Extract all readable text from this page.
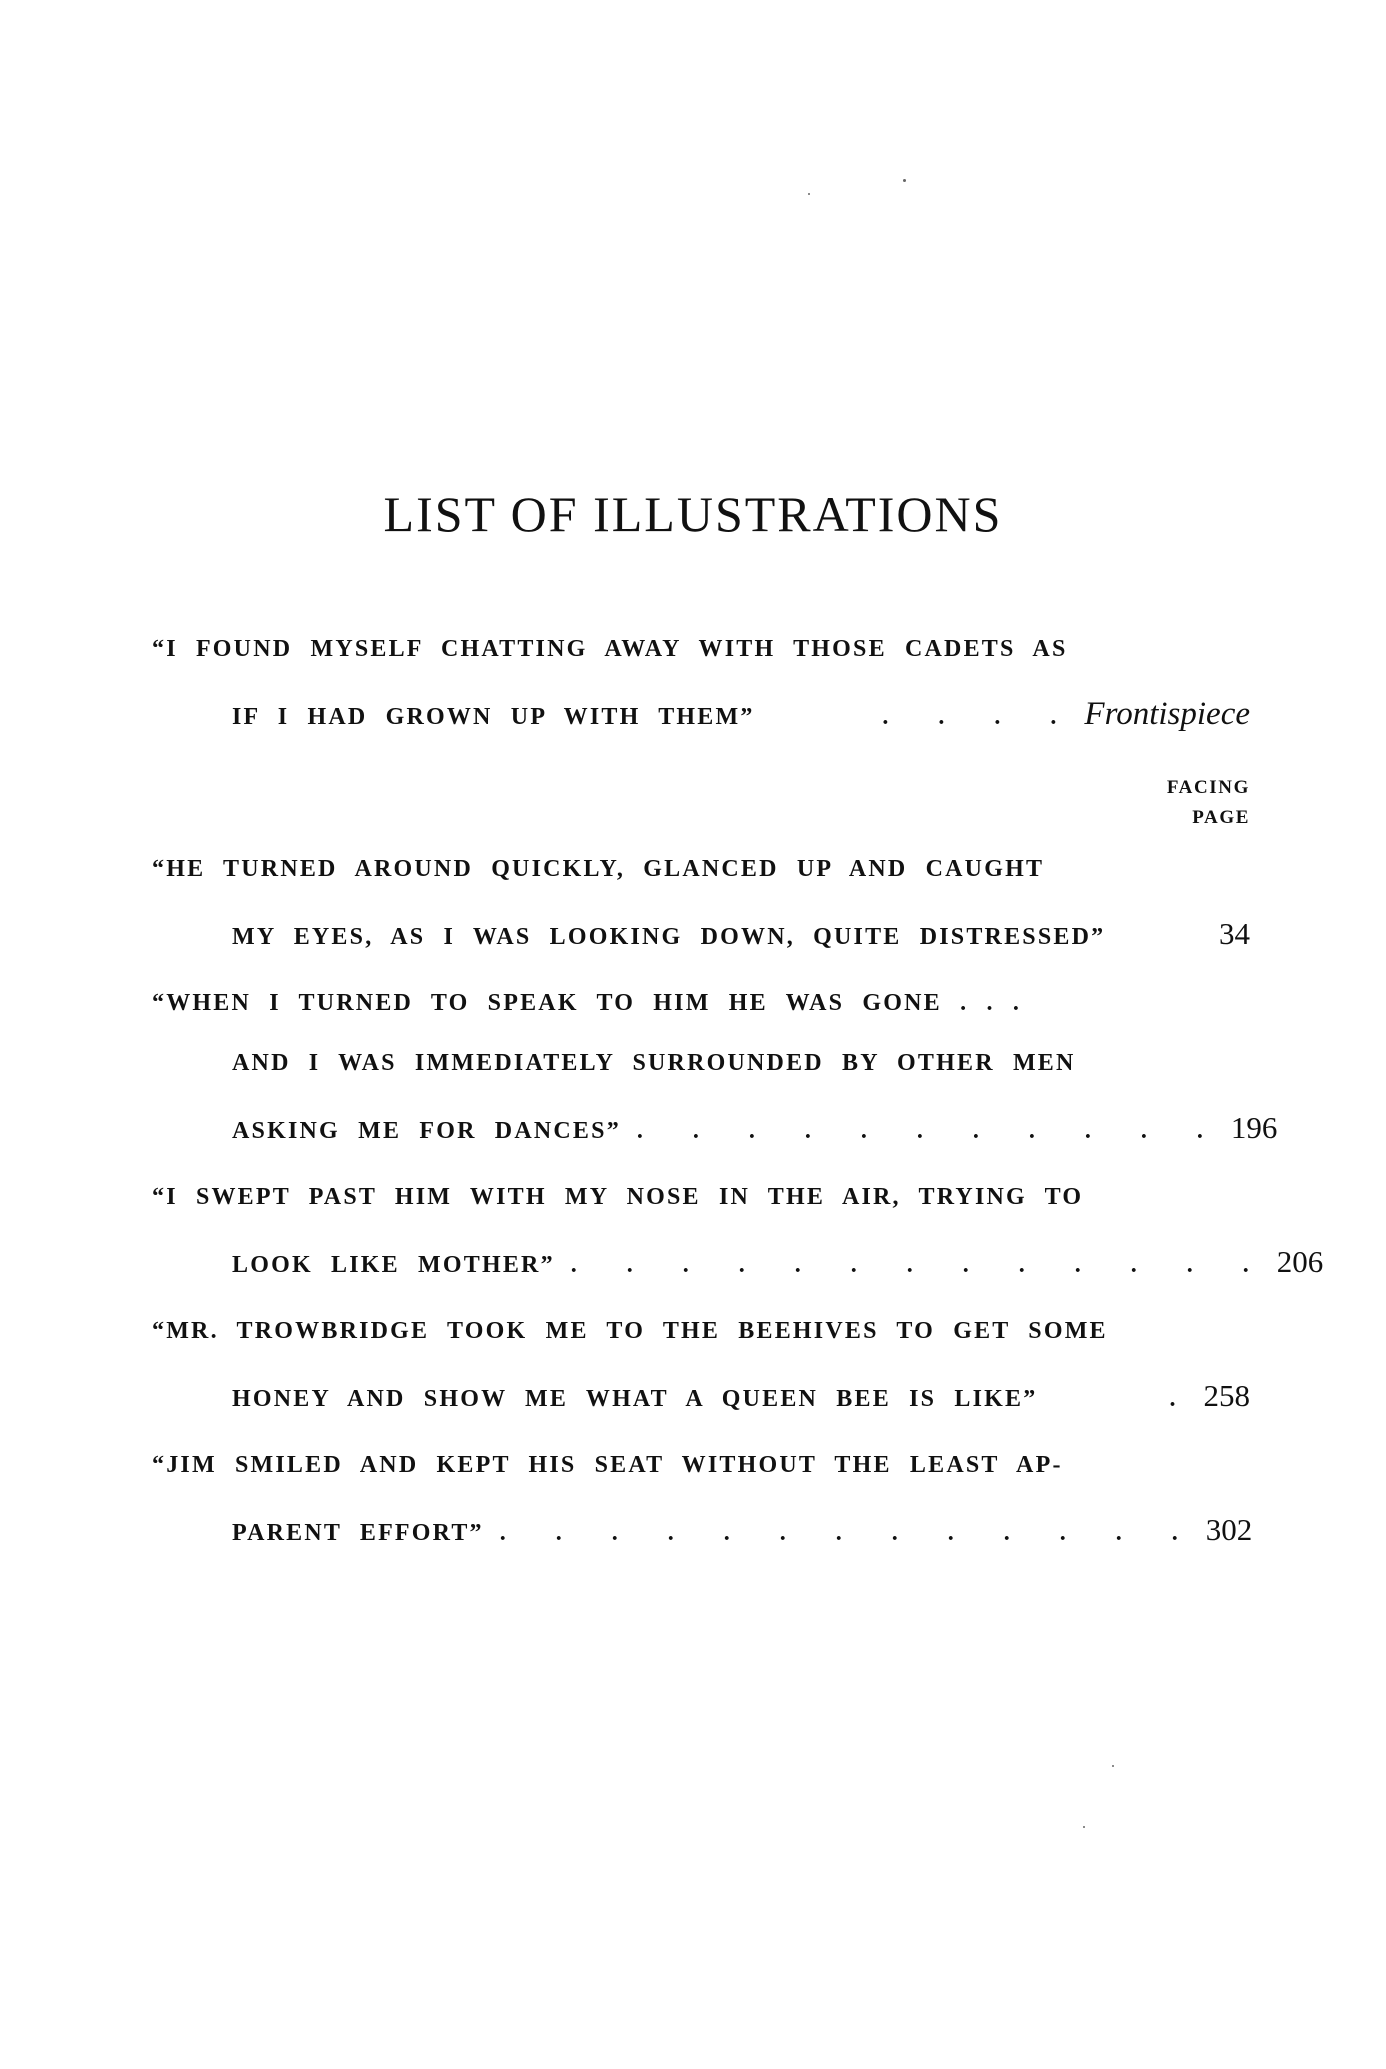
LIST OF ILLUSTRATIONS
“I FOUND MYSELF CHATTING AWAY WITH THOSE CADETS AS
IF I HAD GROWN UP WITH THEM”	. . . . Frontispiece
FACING
PAGE
“HE TURNED AROUND QUICKLY, GLANCED UP AND CAUGHT
MY EYES, AS I WAS LOOKING DOWN, QUITE DISTRESSED”	34
“WHEN I TURNED TO SPEAK TO HIM HE WAS GONE . . .
AND I WAS IMMEDIATELY SURROUNDED BY OTHER MEN
ASKING ME FOR DANCES” . . . . . . . . . . . 196
“I SWEPT PAST HIM WITH MY NOSE IN THE AIR, TRYING TO
LOOK LIKE MOTHER” . . . . . . . . . . . . . 206
“MR. TROWBRIDGE TOOK ME TO THE BEEHIVES TO GET SOME
HONEY AND SHOW ME WHAT A QUEEN BEE IS LIKE”	. 258
“JIM SMILED AND KEPT HIS SEAT WITHOUT THE LEAST AP-
PARENT EFFORT” . . . . . . . . . . . . . 302
